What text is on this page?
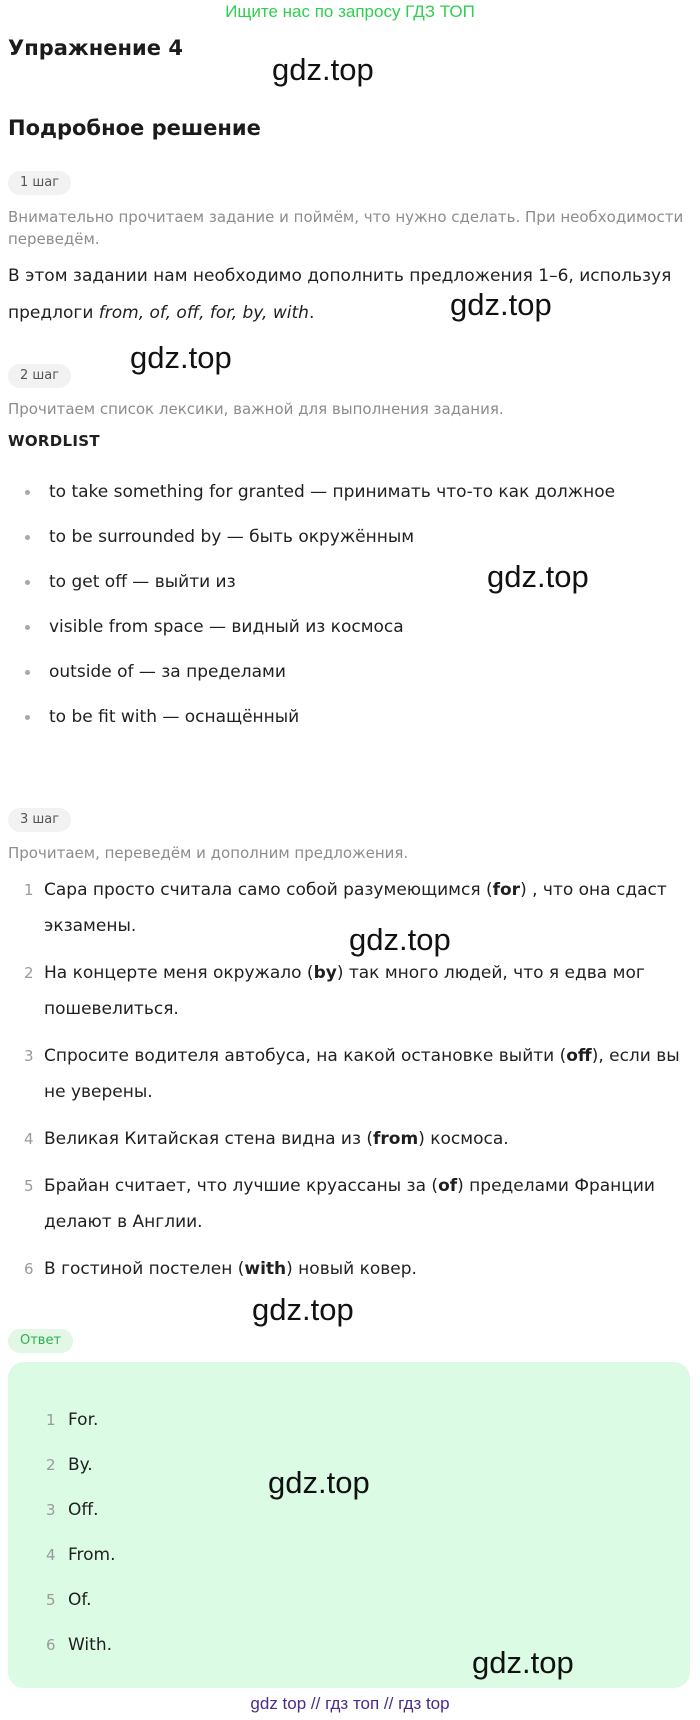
Ищите нас по запросу ГДЗ ТОП
Упражнение 4
gdz.top
Подробное решение
1 шаг
Внимательно прочитаем задание и поймём, что нужно сделать. При необходимости переведём.
В этом задании нам необходимо дополнить предложения 1–6, используя предлоги from, of, off, for, by, with.	gdz.top
2 шаг
gdz.top
Прочитаем список лексики, важной для выполнения задания.
WORDLIST
to take something for granted — принимать что-то как должное
to be surrounded by — быть окружённым
to get off — выйти из
visible from space — видный из космоса
outside of — за пределами
to be fit with — оснащённый
gdz.top
3 шаг
Прочитаем, переведём и дополним предложения.
1 Сара просто считала само собой разумеющимся (for) , что она сдаст экзамены.
2 На концерте меня окружало (by) так много людей, что я едва мог пошевелиться.
3 Спросите водителя автобуса, на какой остановке выйти (off), если вы не уверены.
4 Великая Китайская стена видна из (from) космоса.
5 Брайан считает, что лучшие круассаны за (of) пределами Франции делают в Англии.
6 В гостиной постелен (with) новый ковер.
gdz.top
gdz.top
Ответ
1 For.
2 By.
3 Off.
4 From.
5 Of.
6 With.
gdz.top
gdz.top
gdz top // гдз топ // гдз top
